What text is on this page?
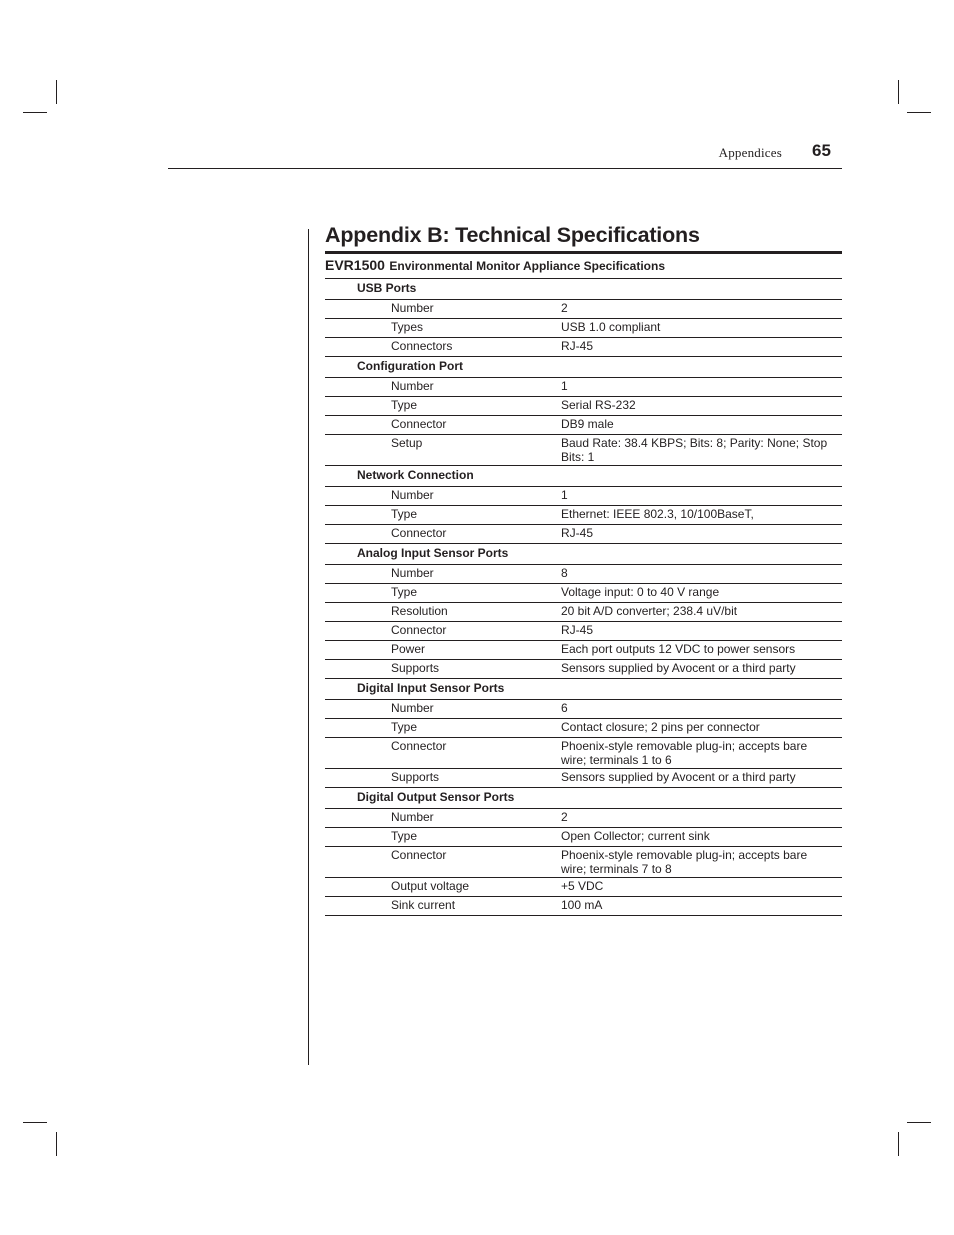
Appendices 65
Appendix B: Technical Specifications
EVR1500 Environmental Monitor Appliance Specifications
USB Ports
Number	2
Types	USB 1.0 compliant
Connectors	RJ-45
Configuration Port
Number	1
Type	Serial RS-232
Connector	DB9 male
Setup	Baud Rate: 38.4 KBPS; Bits: 8; Parity: None; Stop Bits: 1
Network Connection
Number	1
Type	Ethernet: IEEE 802.3, 10/100BaseT,
Connector	RJ-45
Analog Input Sensor Ports
Number	8
Type	Voltage input: 0 to 40 V range
Resolution	20 bit A/D converter; 238.4 uV/bit
Connector	RJ-45
Power	Each port outputs 12 VDC to power sensors
Supports	Sensors supplied by Avocent or a third party
Digital Input Sensor Ports
Number	6
Type	Contact closure; 2 pins per connector
Connector	Phoenix-style removable plug-in; accepts bare wire; terminals 1 to 6
Supports	Sensors supplied by Avocent or a third party
Digital Output Sensor Ports
Number	2
Type	Open Collector; current sink
Connector	Phoenix-style removable plug-in; accepts bare wire; terminals 7 to 8
Output voltage	+5 VDC
Sink current	100 mA
